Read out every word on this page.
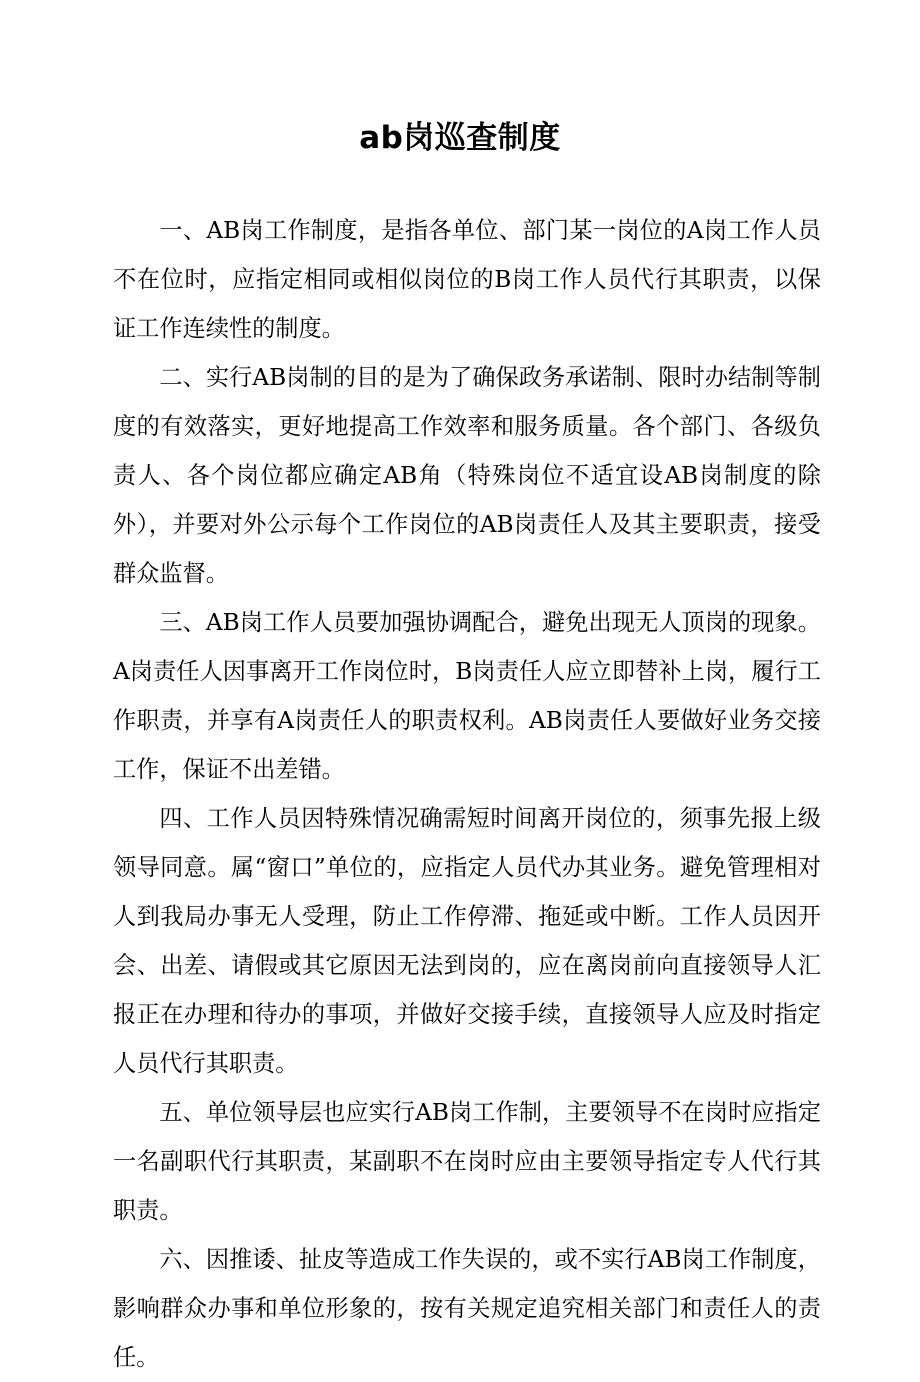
ab岗巡查制度

一、AB岗工作制度，是指各单位、部门某一岗位的A岗工作人员不在位时，应指定相同或相似岗位的B岗工作人员代行其职责，以保证工作连续性的制度。

二、实行AB岗制的目的是为了确保政务承诺制、限时办结制等制度的有效落实，更好地提高工作效率和服务质量。各个部门、各级负责人、各个岗位都应确定AB角（特殊岗位不适宜设AB岗制度的除外），并要对外公示每个工作岗位的AB岗责任人及其主要职责，接受群众监督。

三、AB岗工作人员要加强协调配合，避免出现无人顶岗的现象。A岗责任人因事离开工作岗位时，B岗责任人应立即替补上岗，履行工作职责，并享有A岗责任人的职责权利。AB岗责任人要做好业务交接工作，保证不出差错。

四、工作人员因特殊情况确需短时间离开岗位的，须事先报上级领导同意。属“窗口”单位的，应指定人员代办其业务。避免管理相对人到我局办事无人受理，防止工作停滞、拖延或中断。工作人员因开会、出差、请假或其它原因无法到岗的，应在离岗前向直接领导人汇报正在办理和待办的事项，并做好交接手续，直接领导人应及时指定人员代行其职责。

五、单位领导层也应实行AB岗工作制，主要领导不在岗时应指定一名副职代行其职责，某副职不在岗时应由主要领导指定专人代行其职责。

六、因推诿、扯皮等造成工作失误的，或不实行AB岗工作制度，影响群众办事和单位形象的，按有关规定追究相关部门和责任人的责任。
